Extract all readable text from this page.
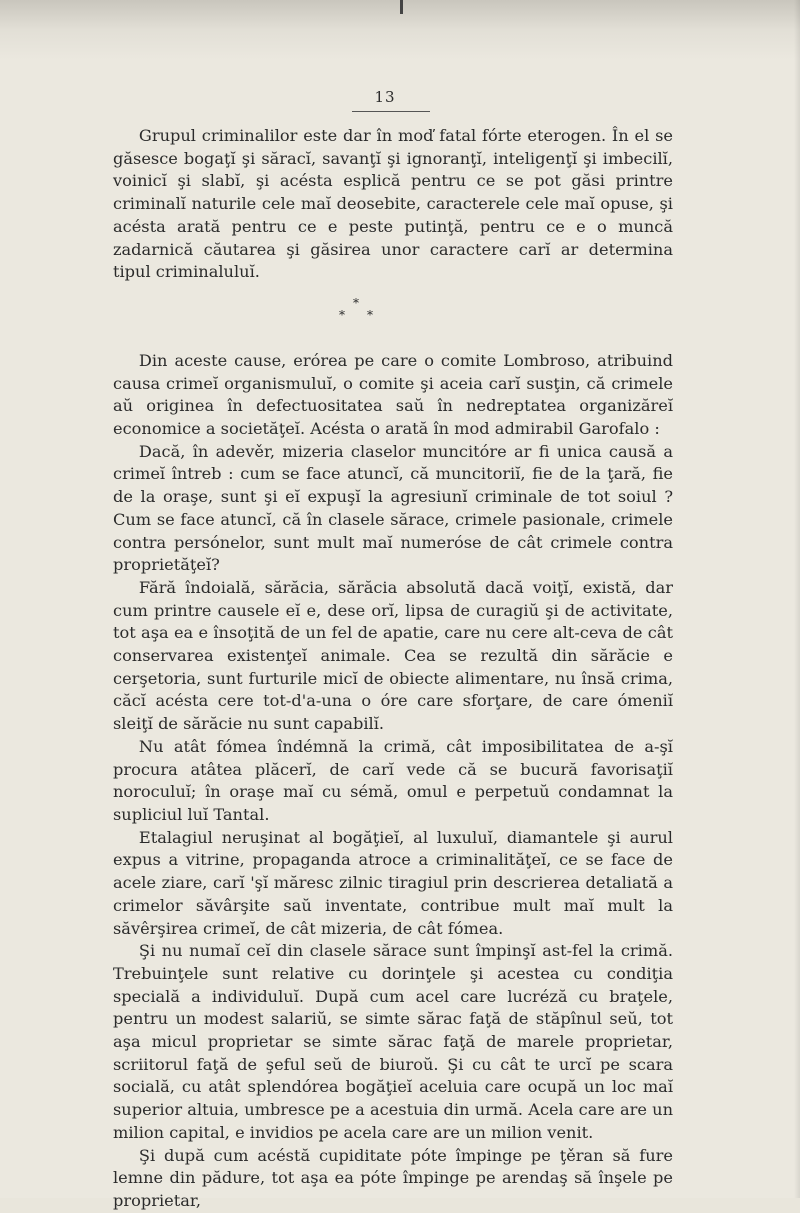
13

Grupul criminalilor este dar în moď fatal fórte eterogen. În el se găsesce bogaţĭ şi săracĭ, savanţĭ şi ignoranţĭ, inteligenţĭ şi imbecilĭ, voinicĭ şi slabĭ, şi acésta esplică pentru ce se pot găsi printre criminalĭ naturile cele maĭ deosebite, caracterele cele maĭ opuse, şi acésta arată pentru ce e peste putinţă, pentru ce e o muncă zadarnică căutarea şi găsirea unor caractere carĭ ar determina tipul criminaluluĭ.

*
* *

Din aceste cause, erórea pe care o comite Lombroso, atribuind causa crimeĭ organismuluĭ, o comite şi aceia carĭ susţin, că crimele aŭ originea în defectuositatea saŭ în nedreptatea organizăreĭ economice a societăţeĭ. Acésta o arată în mod admirabil Garofalo :

Dacă, în adevěr, mizeria claselor muncitóre ar fi unica causă a crimeĭ întreb : cum se face atuncĭ, că muncitoriĭ, fie de la ţară, fie de la oraşe, sunt şi eĭ expuşĭ la agresiunĭ criminale de tot soiul ? Cum se face atuncĭ, că în clasele sărace, crimele pasionale, crimele contra persónelor, sunt mult maĭ numeróse de cât crimele contra proprietăţeĭ?

Fără îndoială, sărăcia, sărăcia absolută dacă voiţĭ, există, dar cum printre causele eĭ e, dese orĭ, lipsa de curagiŭ şi de activitate, tot aşa ea e însoţită de un fel de apatie, care nu cere alt-ceva de cât conservarea existenţeĭ animale. Cea se rezultă din sărăcie e cerşetoria, sunt furturile micĭ de obiecte alimentare, nu însă crima, căcĭ acésta cere tot-d'a-una o óre care sforţare, de care ómeniĭ sleiţĭ de sărăcie nu sunt capabilĭ.

Nu atât fómea îndémnă la crimă, cât imposibilitatea de a-şĭ procura atâtea plăcerĭ, de carĭ vede că se bucură favorisaţiĭ noroculuĭ; în oraşe maĭ cu sémă, omul e perpetuŭ condamnat la supliciul luĭ Tantal.

Etalagiul neruşinat al bogăţieĭ, al luxuluĭ, diamantele şi aurul expus a vitrine, propaganda atroce a criminalităţeĭ, ce se face de acele ziare, carĭ 'şĭ măresc zilnic tiragiul prin descrierea detaliată a crimelor săvârşite saŭ inventate, contribue mult maĭ mult la săvêrşirea crimeĭ, de cât mizeria, de cât fómea.

Şi nu numaĭ ceĭ din clasele sărace sunt împinşĭ ast-fel la crimă. Trebuinţele sunt relative cu dorinţele şi acestea cu condiţia specială a individuluĭ. După cum acel care lucréză cu braţele, pentru un modest salariŭ, se simte sărac faţă de stăpînul seŭ, tot aşa micul proprietar se simte sărac faţă de marele proprietar, scriitorul faţă de şeful seŭ de biuroŭ. Şi cu cât te urcĭ pe scara socială, cu atât splendórea bogăţieĭ aceluia care ocupă un loc maĭ superior altuia, umbresce pe a acestuia din urmă. Acela care are un milion capital, e invidios pe acela care are un milion venit.

Şi după cum acéstă cupiditate póte împinge pe ţěran să fure lemne din pădure, tot aşa ea póte împinge pe arendaş să înşele pe proprietar,
